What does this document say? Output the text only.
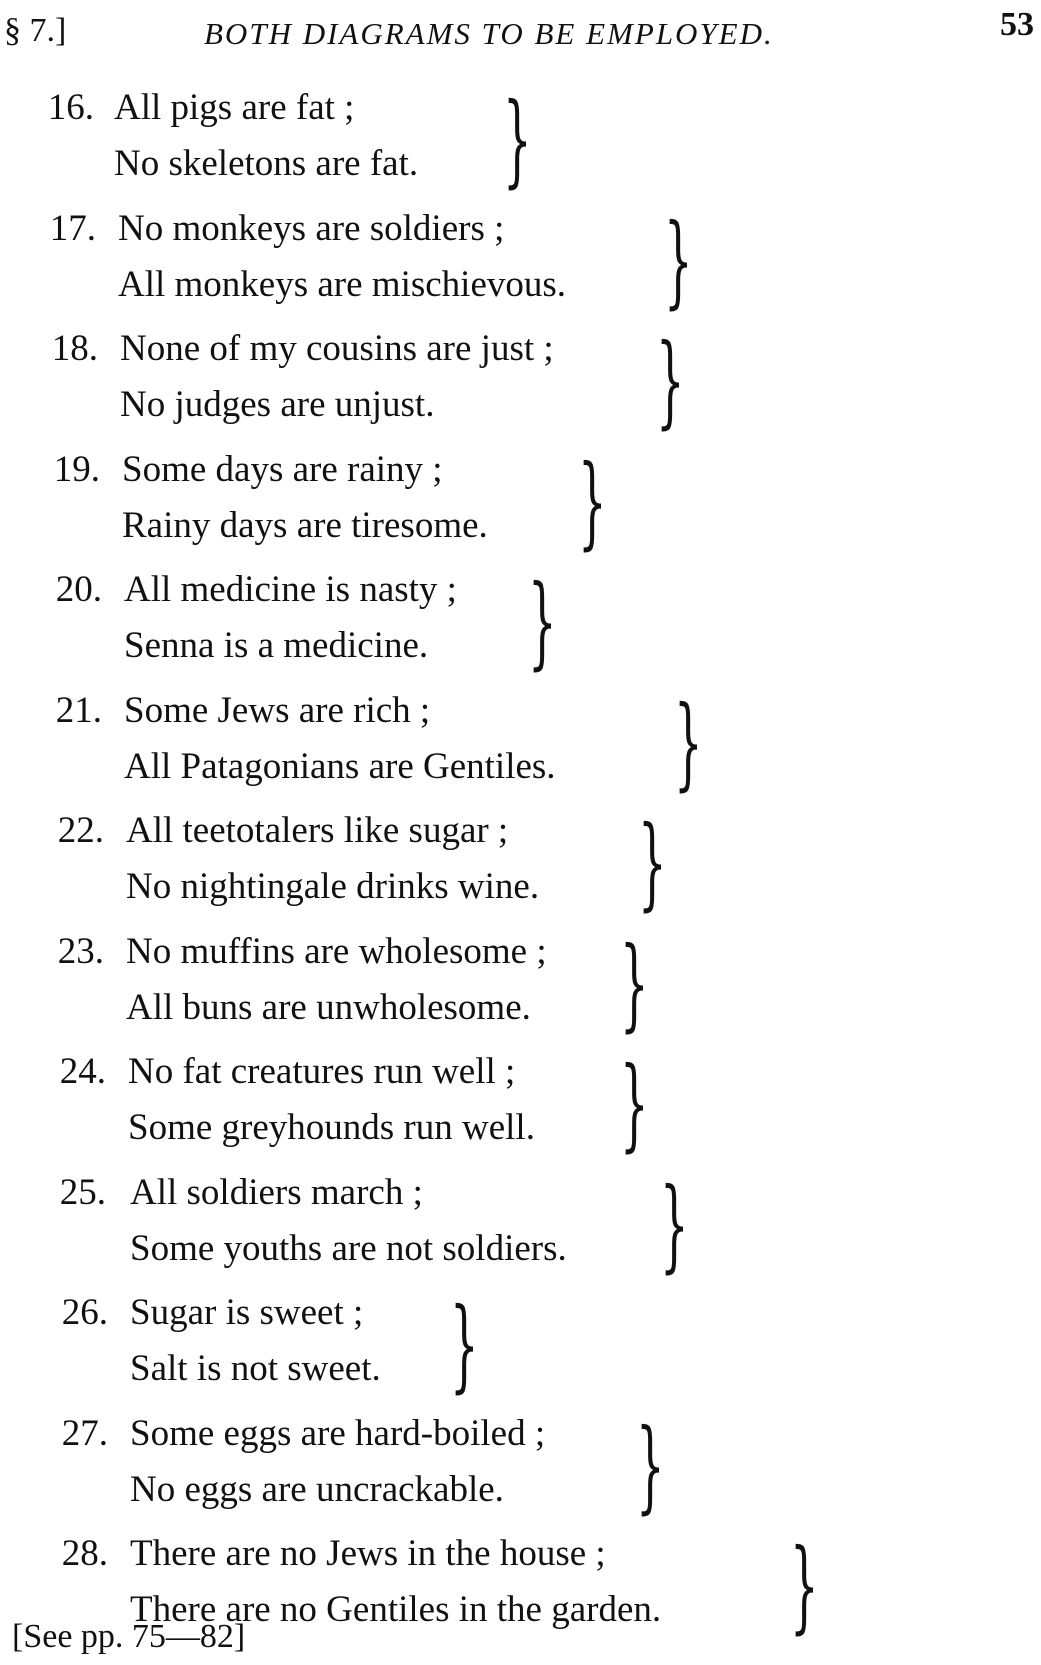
§ 7.]	BOTH DIAGRAMS TO BE EMPLOYED.	53
16. All pigs are fat ;
No skeletons are fat. }
17. No monkeys are soldiers ;
All monkeys are mischievous. }
18. None of my cousins are just ;
No judges are unjust.	}
19. Some days are rainy ;
Rainy days are tiresome. }
20. All medicine is nasty ;
Senna is a medicine. }
21. Some Jews are rich ;
All Patagonians are Gentiles. }
22. All teetotalers like sugar ;
No nightingale drinks wine. }
23. No muffins are wholesome ;
All buns are unwholesome. }
24. No fat creatures run well ;
Some greyhounds run well. }
25. All soldiers march ;
Some youths are not soldiers. }
26. Sugar is sweet ;
Salt is not sweet. }
27. Some eggs are hard-boiled ;
No eggs are uncrackable.	}
28. There are no Jews in the house ;
There are no Gentiles in the garden. }
[See pp. 75—82]
